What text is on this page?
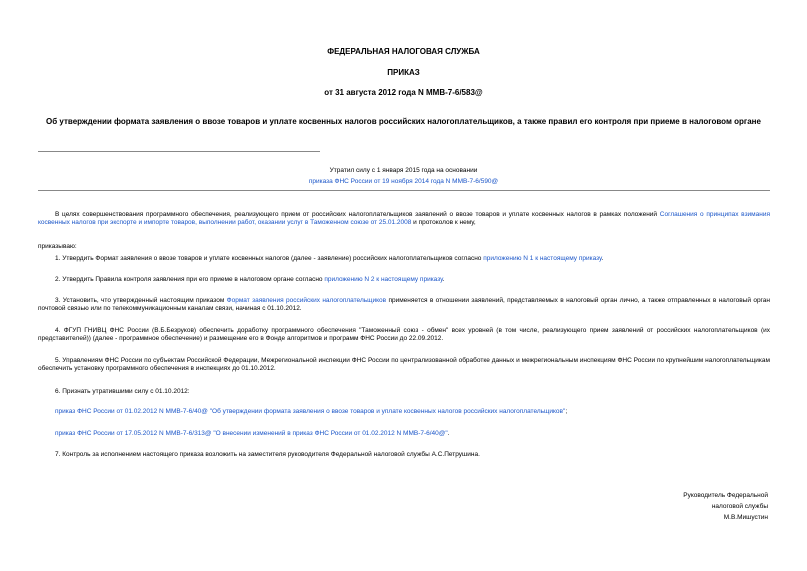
ФЕДЕРАЛЬНАЯ НАЛОГОВАЯ СЛУЖБА
ПРИКАЗ
от 31 августа 2012 года N ММВ-7-6/583@
Об утверждении формата заявления о ввозе товаров и уплате косвенных налогов российских налогоплательщиков, а также правил его контроля при приеме в налоговом органе
Утратил силу с 1 января 2015 года на основании
приказа ФНС России от 19 ноября 2014 года N ММВ-7-6/590@
В целях совершенствования программного обеспечения, реализующего прием от российских налогоплательщиков заявлений о ввозе товаров и уплате косвенных налогов в рамках положений Соглашения о принципах взимания косвенных налогов при экспорте и импорте товаров, выполнении работ, оказании услуг в Таможенном союзе от 25.01.2008 и протоколов к нему,
приказываю:
1. Утвердить Формат заявления о ввозе товаров и уплате косвенных налогов (далее - заявление) российских налогоплательщиков согласно приложению N 1 к настоящему приказу.
2. Утвердить Правила контроля заявления при его приеме в налоговом органе согласно приложению N 2 к настоящему приказу.
3. Установить, что утвержденный настоящим приказом Формат заявления российских налогоплательщиков применяется в отношении заявлений, представляемых в налоговый орган лично, а также отправленных в налоговый орган почтовой связью или по телекоммуникационным каналам связи, начиная с 01.10.2012.
4. ФГУП ГНИВЦ ФНС России (В.Б.Безруков) обеспечить доработку программного обеспечения "Таможенный союз - обмен" всех уровней (в том числе, реализующего прием заявлений от российских налогоплательщиков (их представителей)) (далее - программное обеспечение) и размещение его в Фонде алгоритмов и программ ФНС России до 22.09.2012.
5. Управлениям ФНС России по субъектам Российской Федерации, Межрегиональной инспекции ФНС России по централизованной обработке данных и межрегиональным инспекциям ФНС России по крупнейшим налогоплательщикам обеспечить установку программного обеспечения в инспекциях до 01.10.2012.
6. Признать утратившими силу с 01.10.2012:
приказ ФНС России от 01.02.2012 N ММВ-7-6/40@ "Об утверждении формата заявления о ввозе товаров и уплате косвенных налогов российских налогоплательщиков";
приказ ФНС России от 17.05.2012 N ММВ-7-6/313@ "О внесении изменений в приказ ФНС России от 01.02.2012 N ММВ-7-6/40@".
7. Контроль за исполнением настоящего приказа возложить на заместителя руководителя Федеральной налоговой службы А.С.Петрушина.
Руководитель Федеральной
налоговой службы
М.В.Мишустин
